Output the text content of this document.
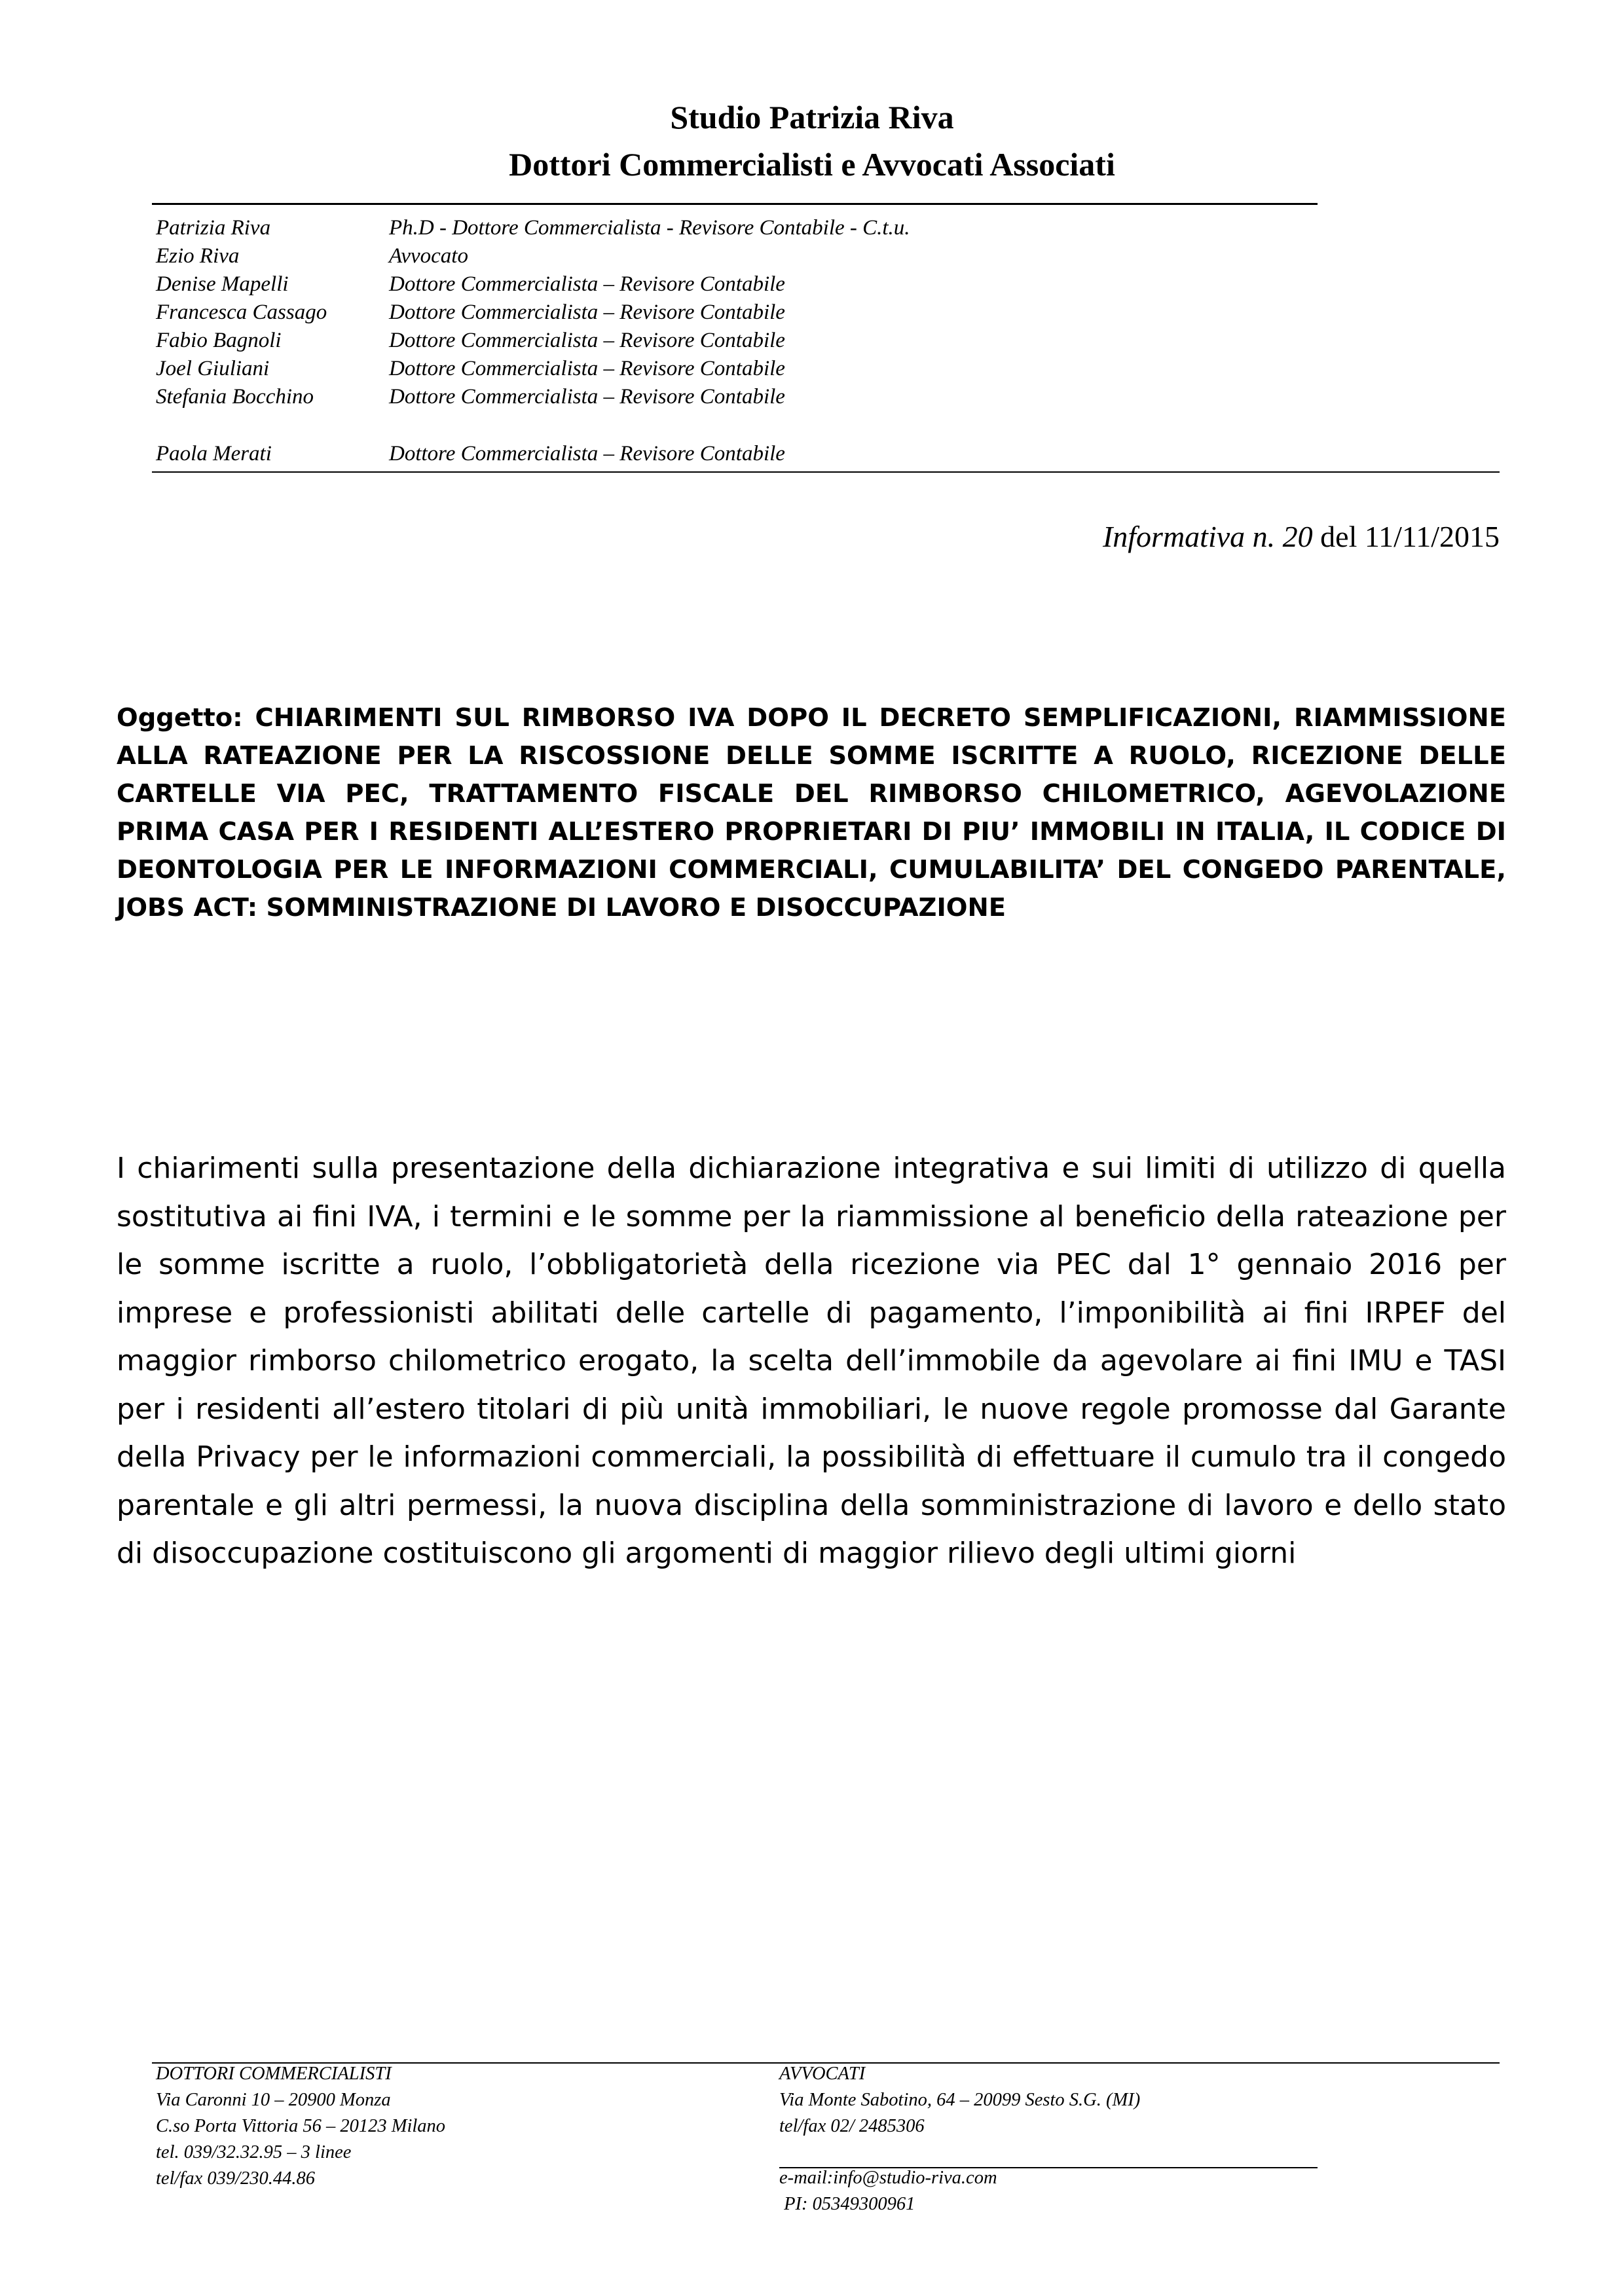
Studio Patrizia Riva
Dottori Commercialisti e Avvocati Associati
Patrizia Riva	Ph.D - Dottore Commercialista - Revisore Contabile - C.t.u.
Ezio Riva	Avvocato
Denise Mapelli	Dottore Commercialista – Revisore Contabile
Francesca Cassago	Dottore Commercialista – Revisore Contabile
Fabio Bagnoli	Dottore Commercialista – Revisore Contabile
Joel Giuliani	Dottore Commercialista – Revisore Contabile
Stefania Bocchino	Dottore Commercialista – Revisore Contabile
Paola Merati	Dottore Commercialista – Revisore Contabile
Informativa n. 20 del 11/11/2015
Oggetto: CHIARIMENTI SUL RIMBORSO IVA DOPO IL DECRETO SEMPLIFICAZIONI, RIAMMISSIONE ALLA RATEAZIONE PER LA RISCOSSIONE DELLE SOMME ISCRITTE A RUOLO, RICEZIONE DELLE CARTELLE VIA PEC, TRATTAMENTO FISCALE DEL RIMBORSO CHILOMETRICO, AGEVOLAZIONE PRIMA CASA PER I RESIDENTI ALL’ESTERO PROPRIETARI DI PIU’ IMMOBILI IN ITALIA, IL CODICE DI DEONTOLOGIA PER LE INFORMAZIONI COMMERCIALI, CUMULABILITA’ DEL CONGEDO PARENTALE, JOBS ACT: SOMMINISTRAZIONE DI LAVORO E DISOCCUPAZIONE
I chiarimenti sulla presentazione della dichiarazione integrativa e sui limiti di utilizzo di quella sostitutiva ai fini IVA, i termini e le somme per la riammissione al beneficio della rateazione per le somme iscritte a ruolo, l’obbligatorietà della ricezione via PEC dal 1° gennaio 2016 per imprese e professionisti abilitati delle cartelle di pagamento, l’imponibilità ai fini IRPEF del maggior rimborso chilometrico erogato, la scelta dell’immobile da agevolare ai fini IMU e TASI per i residenti all’estero titolari di più unità immobiliari, le nuove regole promosse dal Garante della Privacy per le informazioni commerciali, la possibilità di effettuare il cumulo tra il congedo parentale e gli altri permessi, la nuova disciplina della somministrazione di lavoro e dello stato di disoccupazione costituiscono gli argomenti di maggior rilievo degli ultimi giorni
DOTTORI COMMERCIALISTI
Via Caronni 10 – 20900 Monza
C.so Porta Vittoria 56 – 20123 Milano
tel. 039/32.32.95 – 3 linee
tel/fax 039/230.44.86
AVVOCATI
Via Monte Sabotino, 64 – 20099 Sesto S.G. (MI)
tel/fax 02/ 2485306
e-mail:info@studio-riva.com
PI: 05349300961
